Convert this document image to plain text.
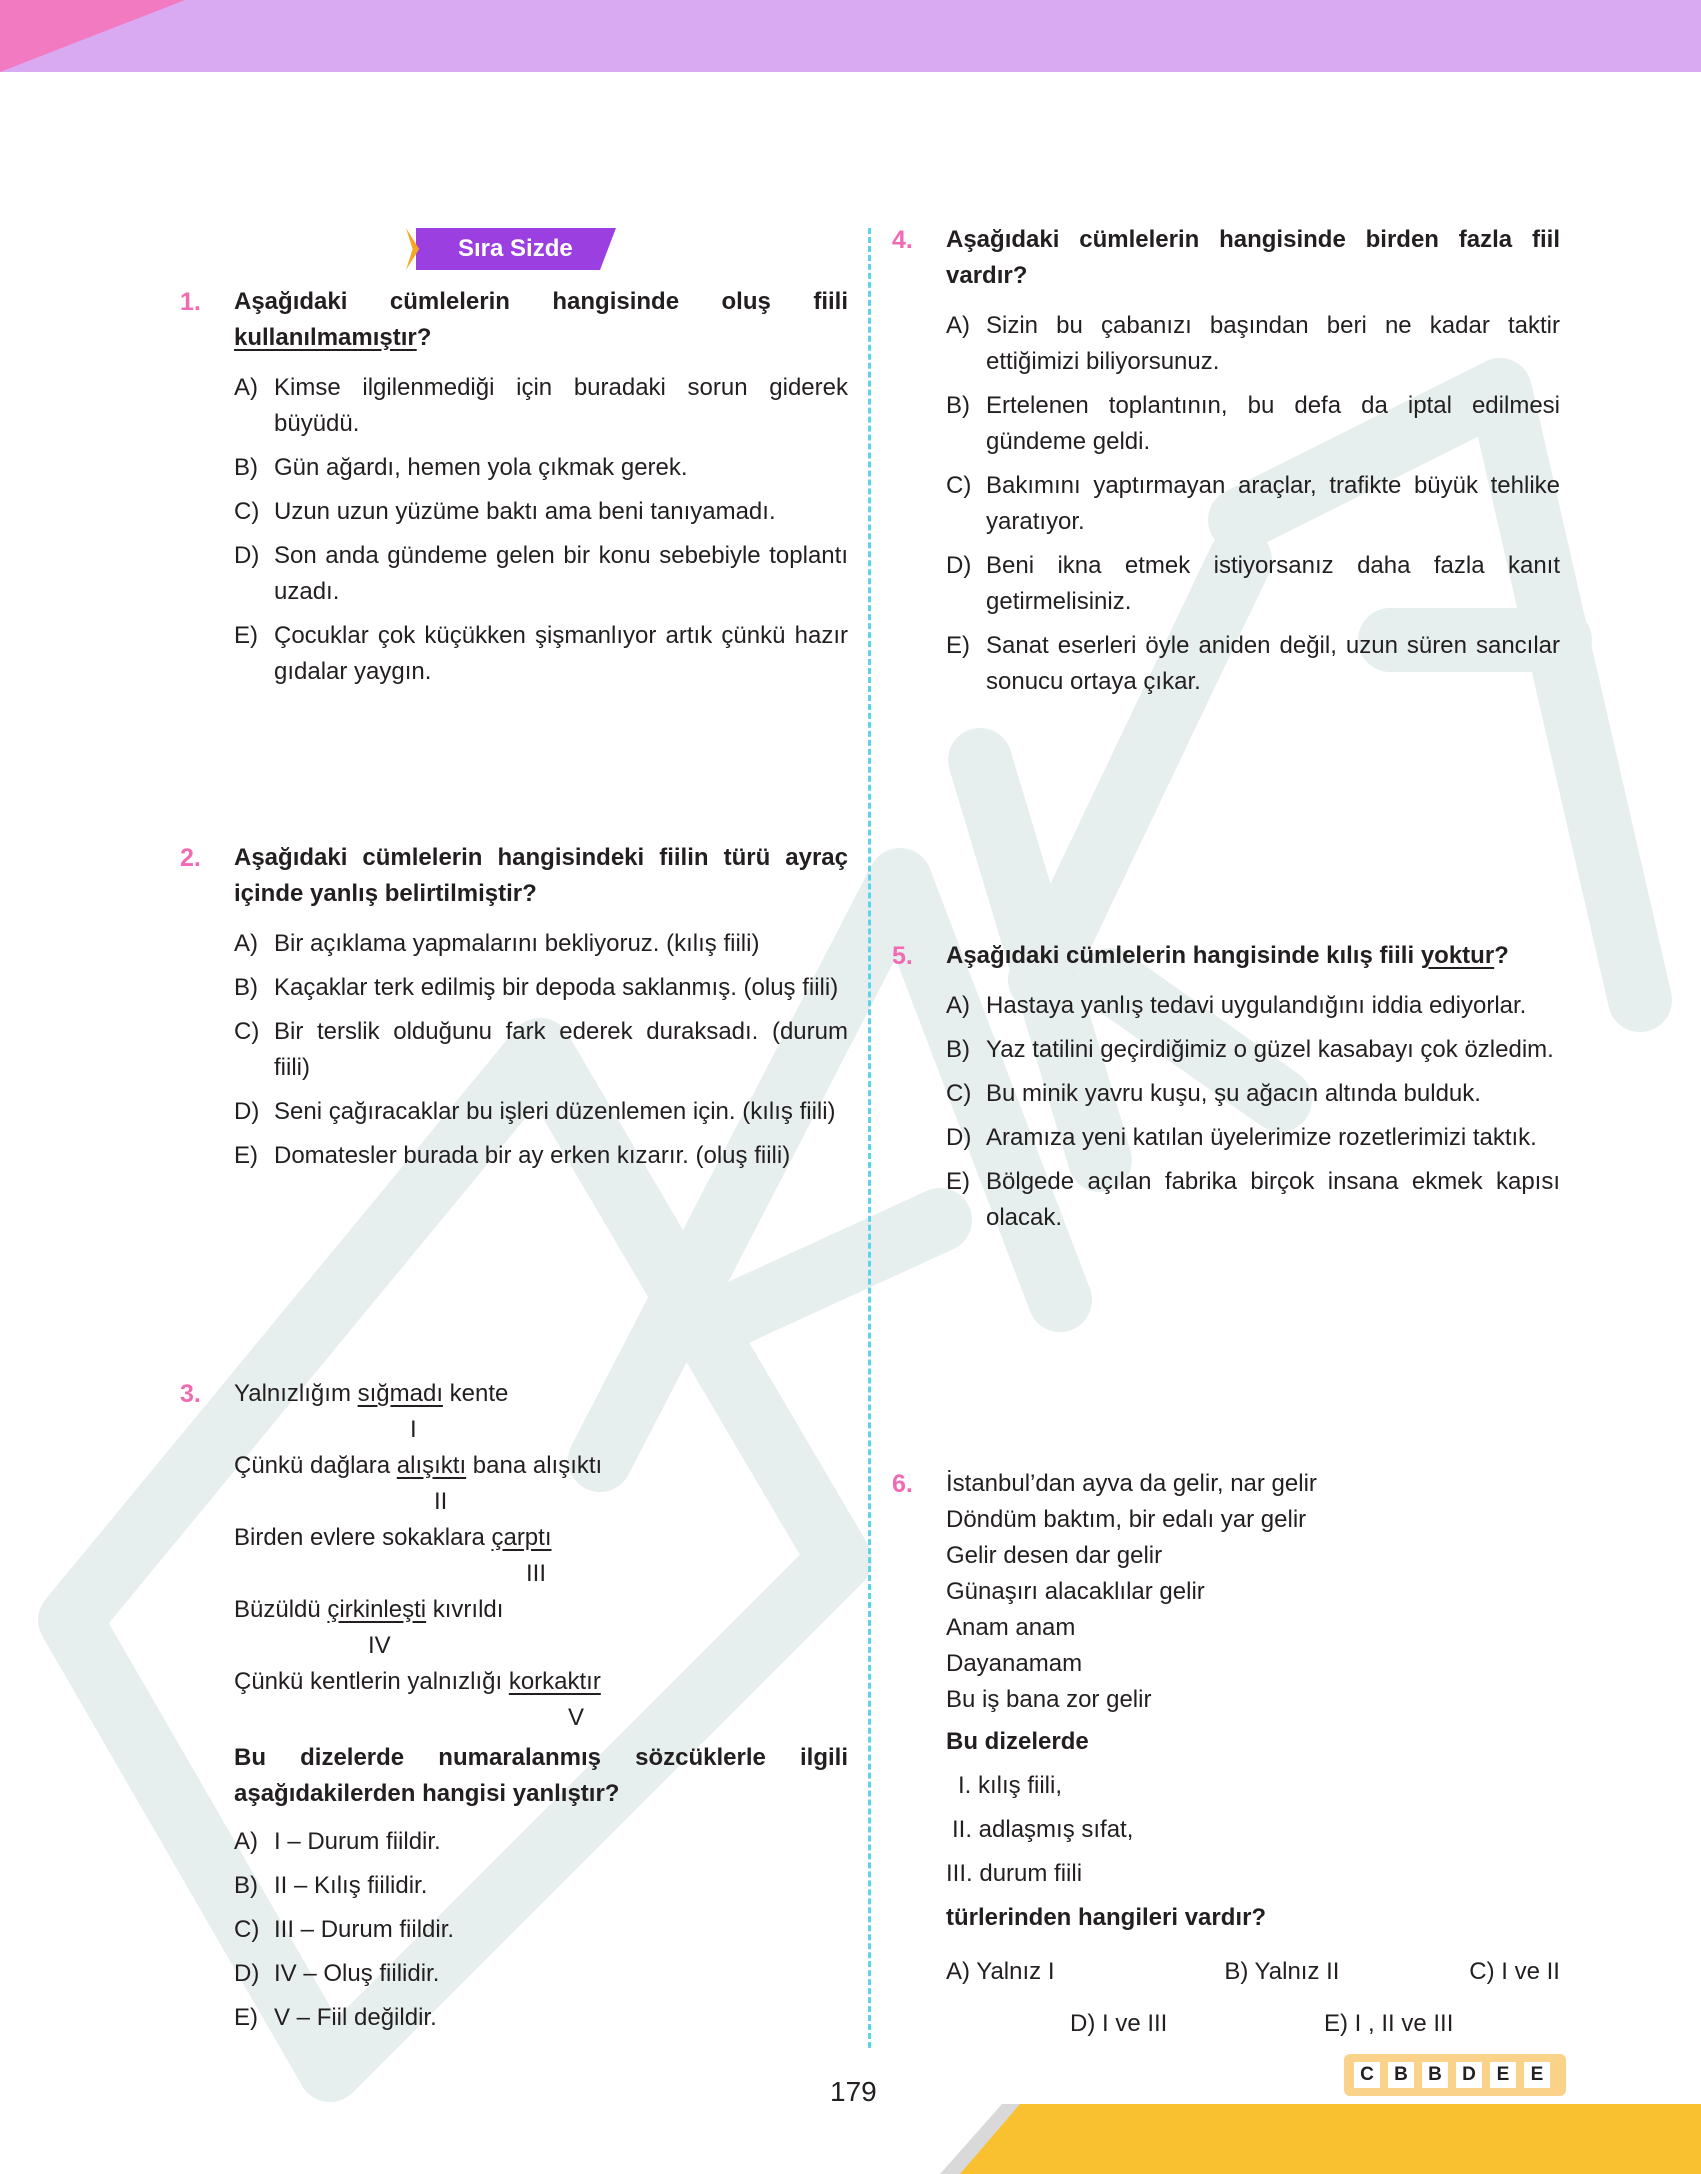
Sıra Sizde
1.	Aşağıdaki cümlelerin hangisinde oluş fiili kullanılmamıştır?
A) Kimse ilgilenmediği için buradaki sorun giderek büyüdü.
B) Gün ağardı, hemen yola çıkmak gerek.
C) Uzun uzun yüzüme baktı ama beni tanıyamadı.
D) Son anda gündeme gelen bir konu sebebiyle toplantı uzadı.
E) Çocuklar çok küçükken şişmanlıyor artık çünkü hazır gıdalar yaygın.
2.	Aşağıdaki cümlelerin hangisindeki fiilin türü ayraç içinde yanlış belirtilmiştir?
A) Bir açıklama yapmalarını bekliyoruz. (kılış fiili)
B) Kaçaklar terk edilmiş bir depoda saklanmış. (oluş fiili)
C) Bir terslik olduğunu fark ederek duraksadı. (durum fiili)
D) Seni çağıracaklar bu işleri düzenlemen için. (kılış fiili)
E) Domatesler burada bir ay erken kızarır. (oluş fiili)
3.	Yalnızlığım sığmadı kente
I
Çünkü dağlara alışıktı bana alışıktı
II
Birden evlere sokaklara çarptı
III
Büzüldü çirkinleşti kıvrıldı
IV
Çünkü kentlerin yalnızlığı korkaktır
V
Bu dizelerde numaralanmış sözcüklerle ilgili aşağıdakilerden hangisi yanlıştır?
A) I – Durum fiildir.
B) II – Kılış fiilidir.
C) III – Durum fiildir.
D) IV – Oluş fiilidir.
E) V – Fiil değildir.
4.	Aşağıdaki cümlelerin hangisinde birden fazla fiil vardır?
A) Sizin bu çabanızı başından beri ne kadar taktir ettiğimizi biliyorsunuz.
B) Ertelenen toplantının, bu defa da iptal edilmesi gündeme geldi.
C) Bakımını yaptırmayan araçlar, trafikte büyük tehlike yaratıyor.
D) Beni ikna etmek istiyorsanız daha fazla kanıt getirmelisiniz.
E) Sanat eserleri öyle aniden değil, uzun süren sancılar sonucu ortaya çıkar.
5.	Aşağıdaki cümlelerin hangisinde kılış fiili yoktur?
A) Hastaya yanlış tedavi uygulandığını iddia ediyorlar.
B) Yaz tatilini geçirdiğimiz o güzel kasabayı çok özledim.
C) Bu minik yavru kuşu, şu ağacın altında bulduk.
D) Aramıza yeni katılan üyelerimize rozetlerimizi taktık.
E) Bölgede açılan fabrika birçok insana ekmek kapısı olacak.
6.	İstanbul’dan ayva da gelir, nar gelir
Döndüm baktım, bir edalı yar gelir
Gelir desen dar gelir
Günaşırı alacaklılar gelir
Anam anam
Dayanamam
Bu iş bana zor gelir
Bu dizelerde
I. kılış fiili,
II. adlaşmış sıfat,
III. durum fiili
türlerinden hangileri vardır?
A) Yalnız I	B) Yalnız II	C) I ve II
D) I ve III	E) I , II ve III
C	B	B	D	E	E
179
